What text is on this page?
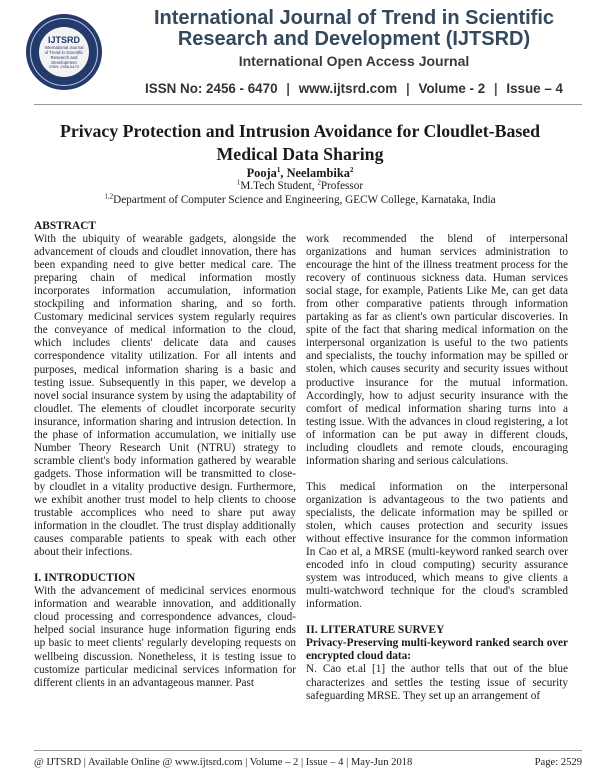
IJTSRD
International Journal
of Trend in Scientific
Research and
Development
ISSN: 2456-6470
International Journal of Trend in Scientific
Research and Development (IJTSRD)
International Open Access Journal
ISSN No: 2456 - 6470 | www.ijtsrd.com | Volume - 2 | Issue – 4
Privacy Protection and Intrusion Avoidance for Cloudlet-Based
Medical Data Sharing
Pooja$^1$, Neelambika$^2$
$^1$M.Tech Student, $^2$Professor
$^{1,2}$Department of Computer Science and Engineering, GECW College, Karnataka, India

ABSTRACT

With the ubiquity of wearable gadgets, alongside the advancement of clouds and cloudlet innovation, there has been expanding need to give better medical care. The preparing chain of medical information mostly incorporates information accumulation, information stockpiling and information sharing, and so forth. Customary medicinal services system regularly requires the conveyance of medical information to the cloud, which includes clients' delicate data and causes correspondence vitality utilization. For all intents and purposes, medical information sharing is a basic and testing issue. Subsequently in this paper, we develop a novel social insurance system by using the adaptability of cloudlet. The elements of cloudlet incorporate security insurance, information sharing and intrusion detection. In the phase of information accumulation, we initially use Number Theory Research Unit (NTRU) strategy to scramble client's body information gathered by wearable gadgets. Those information will be transmitted to close-by cloudlet in a vitality productive design. Furthermore, we exhibit another trust model to help clients to choose trustable accomplices who need to share put away information in the cloudlet. The trust display additionally causes comparable patients to speak with each other about their infections.

I. INTRODUCTION

With the advancement of medicinal services enormous information and wearable innovation, and additionally cloud processing and correspondence advances, cloud-helped social insurance huge information figuring ends up basic to meet clients' regularly developing requests on wellbeing discussion. Nonetheless, it is testing issue to customize particular medicinal services information for different clients in an advantageous manner. Past

work recommended the blend of interpersonal organizations and human services administration to encourage the hint of the illness treatment process for the recovery of continuous sickness data. Human services social stage, for example, Patients Like Me, can get data from other comparative patients through information partaking as far as client's own particular discoveries. In spite of the fact that sharing medical information on the interpersonal organization is useful to the two patients and specialists, the touchy information may be spilled or stolen, which causes security and security issues without productive insurance for the mutual information. Accordingly, how to adjust security insurance with the comfort of medical information sharing turns into a testing issue. With the advances in cloud registering, a lot of information can be put away in different clouds, including cloudlets and remote clouds, encouraging information sharing and serious calculations.

This medical information on the interpersonal organization is advantageous to the two patients and specialists, the delicate information may be spilled or stolen, which causes protection and security issues without effective insurance for the common information In Cao et al, a MRSE (multi-keyword ranked search over encoded info in cloud computing) security assurance system was introduced, which means to give clients a multi-watchword technique for the cloud's scrambled information.

II. LITERATURE SURVEY

Privacy-Preserving multi-keyword ranked search over encrypted cloud data:

N. Cao et.al [1] the author tells that out of the blue characterizes and settles the testing issue of security safeguarding MRSE. They set up an arrangement of

@ IJTSRD | Available Online @ www.ijtsrd.com | Volume – 2 | Issue – 4 | May-Jun 2018	Page: 2529
